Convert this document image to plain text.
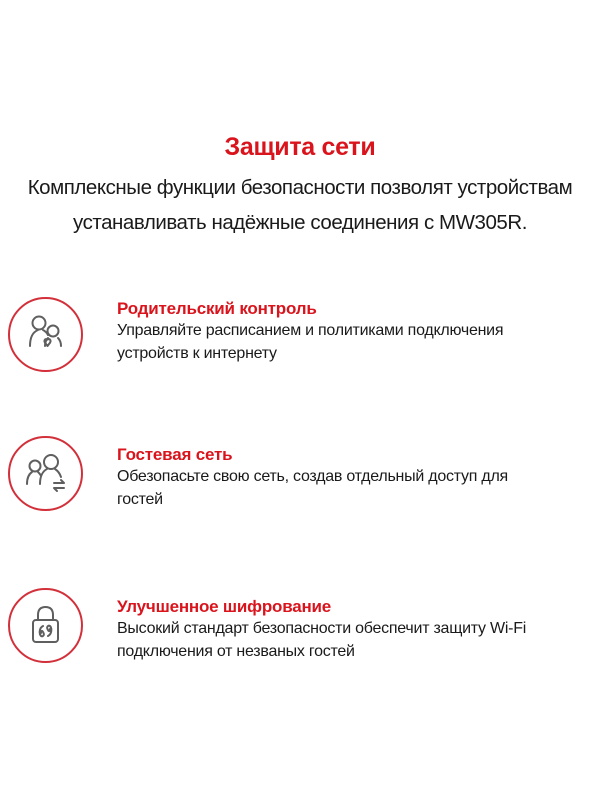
Защита сети

Комплексные функции безопасности позволят устройствам
устанавливать надёжные соединения с MW305R.

Родительский контроль
Управляйте расписанием и политиками подключения
устройств к интернету
Гостевая сеть
Обезопасьте свою сеть, создав отдельный доступ для
гостей
Улучшенное шифрование
Высокий стандарт безопасности обеспечит защиту Wi-Fi
подключения от незваных гостей
